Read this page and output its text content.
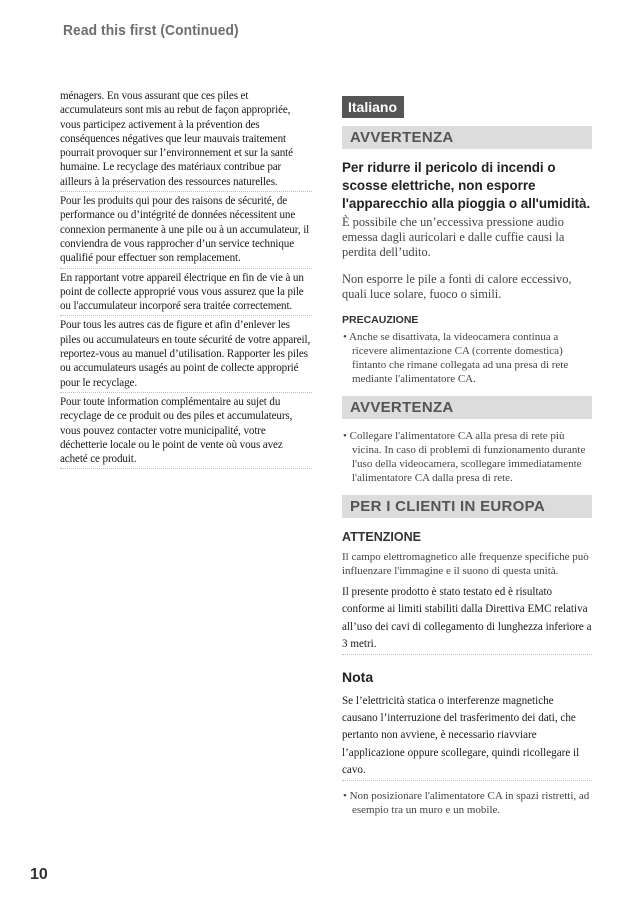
Read this first (Continued)

ménagers. En vous assurant que ces piles et accumulateurs sont mis au rebut de façon appropriée, vous participez activement à la prévention des conséquences négatives que leur mauvais traitement pourrait provoquer sur l’environnement et sur la santé humaine. Le recyclage des matériaux contribue par ailleurs à la préservation des ressources naturelles.

Pour les produits qui pour des raisons de sécurité, de performance ou d’intégrité de données nécessitent une connexion permanente à une pile ou à un accumulateur, il conviendra de vous rapprocher d’un service technique qualifié pour effectuer son remplacement.

En rapportant votre appareil électrique en fin de vie à un point de collecte approprié vous vous assurez que la pile ou l'accumulateur incorporé sera traitée correctement.

Pour tous les autres cas de figure et afin d’enlever les piles ou accumulateurs en toute sécurité de votre appareil, reportez-vous au manuel d’utilisation. Rapporter les piles ou accumulateurs usagés au point de collecte approprié pour le recyclage.

Pour toute information complémentaire au sujet du recyclage de ce produit ou des piles et accumulateurs, vous pouvez contacter votre municipalité, votre déchetterie locale ou le point de vente où vous avez acheté ce produit.

Italiano
AVVERTENZA

Per ridurre il pericolo di incendi o scosse elettriche, non esporre l'apparecchio alla pioggia o all'umidità.

È possibile che un’eccessiva pressione audio emessa dagli auricolari e dalle cuffie causi la perdita dell’udito.

Non esporre le pile a fonti di calore eccessivo, quali luce solare, fuoco o simili.

PRECAUZIONE

• Anche se disattivata, la videocamera continua a ricevere alimentazione CA (corrente domestica) fintanto che rimane collegata ad una presa di rete mediante l'alimentatore CA.

AVVERTENZA

• Collegare l'alimentatore CA alla presa di rete più vicina. In caso di problemi di funzionamento durante l'uso della videocamera, scollegare immediatamente l'alimentatore CA dalla presa di rete.

PER I CLIENTI IN EUROPA

ATTENZIONE

Il campo elettromagnetico alle frequenze specifiche può influenzare l'immagine e il suono di questa unità.

Il presente prodotto è stato testato ed è risultato conforme ai limiti stabiliti dalla Direttiva EMC relativa all’uso dei cavi di collegamento di lunghezza inferiore a 3 metri.

Nota

Se l’elettricità statica o interferenze magnetiche causano l’interruzione del trasferimento dei dati, che pertanto non avviene, è necessario riavviare l’applicazione oppure scollegare, quindi ricollegare il cavo.

• Non posizionare l'alimentatore CA in spazi ristretti, ad esempio tra un muro e un mobile.

10
